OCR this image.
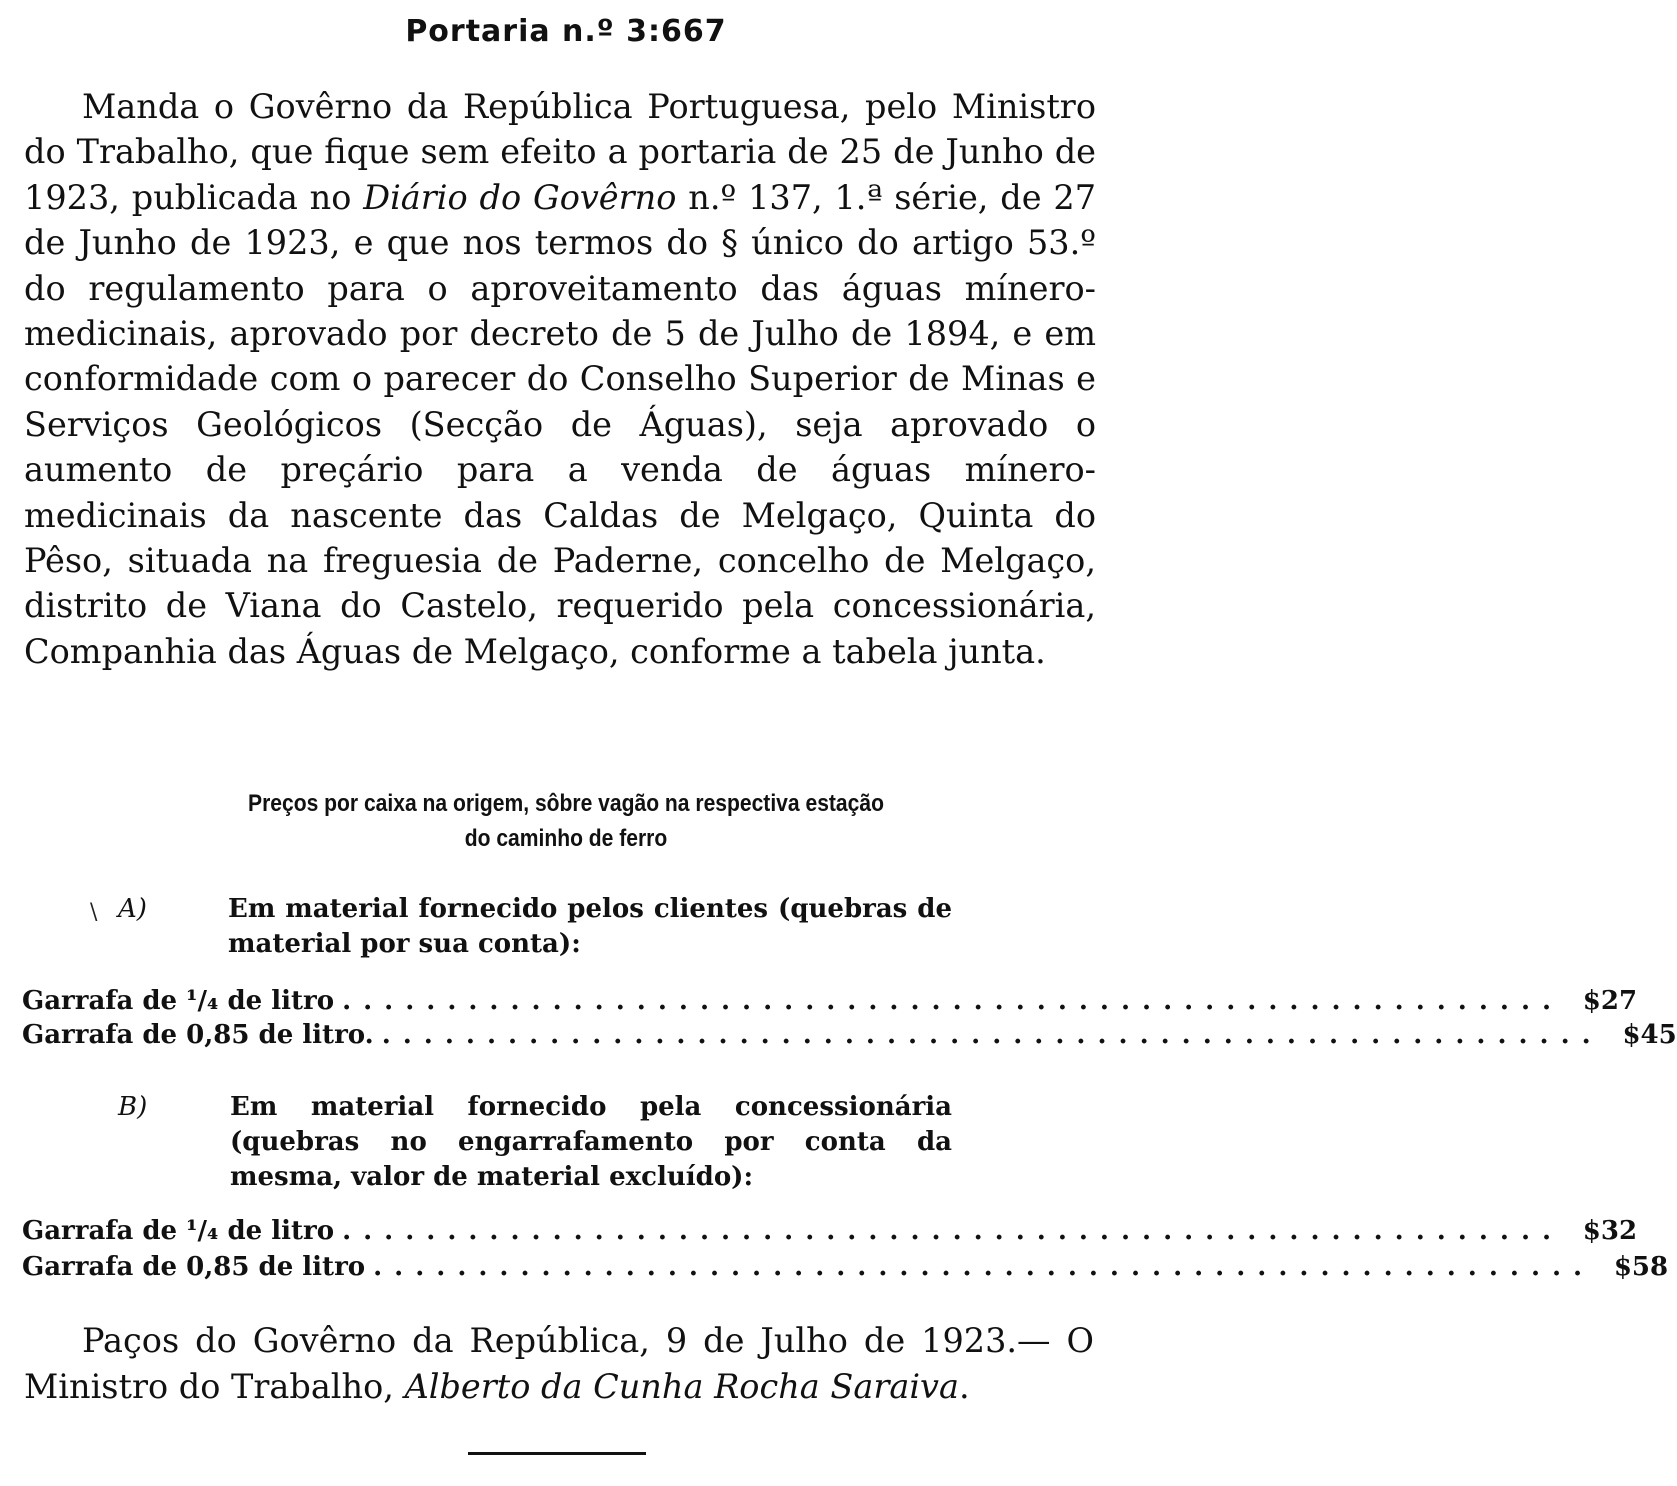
Portaria n.º 3:667

Manda o Govêrno da República Portuguesa, pelo Ministro do Trabalho, que fique sem efeito a portaria de 25 de Junho de 1923, publicada no Diário do Govêrno n.º 137, 1.ª série, de 27 de Junho de 1923, e que nos termos do § único do artigo 53.º do regulamento para o aproveitamento das águas mínero-medicinais, aprovado por decreto de 5 de Julho de 1894, e em conformidade com o parecer do Conselho Superior de Minas e Serviços Geológicos (Secção de Águas), seja aprovado o aumento de preçário para a venda de águas mínero-medicinais da nascente das Caldas de Melgaço, Quinta do Pêso, situada na freguesia de Paderne, concelho de Melgaço, distrito de Viana do Castelo, requerido pela concessionária, Companhia das Águas de Melgaço, conforme a tabela junta.

Preços por caixa na origem, sôbre vagão na respectiva estação
do caminho de ferro
\ A)	Em material fornecido pelos clientes (quebras de material por sua conta):
Garrafa de ¹/₄ de litro .......................................................... $27
Garrafa de 0,85 de litro. .......................................................... $45
B)	Em material fornecido pela concessionária (quebras no engarrafamento por conta da mesma, valor de material excluído):
Garrafa de ¹/₄ de litro .......................................................... $32
Garrafa de 0,85 de litro .......................................................... $58

Paços do Govêrno da República, 9 de Julho de 1923.— O Ministro do Trabalho, Alberto da Cunha Rocha Saraiva.
